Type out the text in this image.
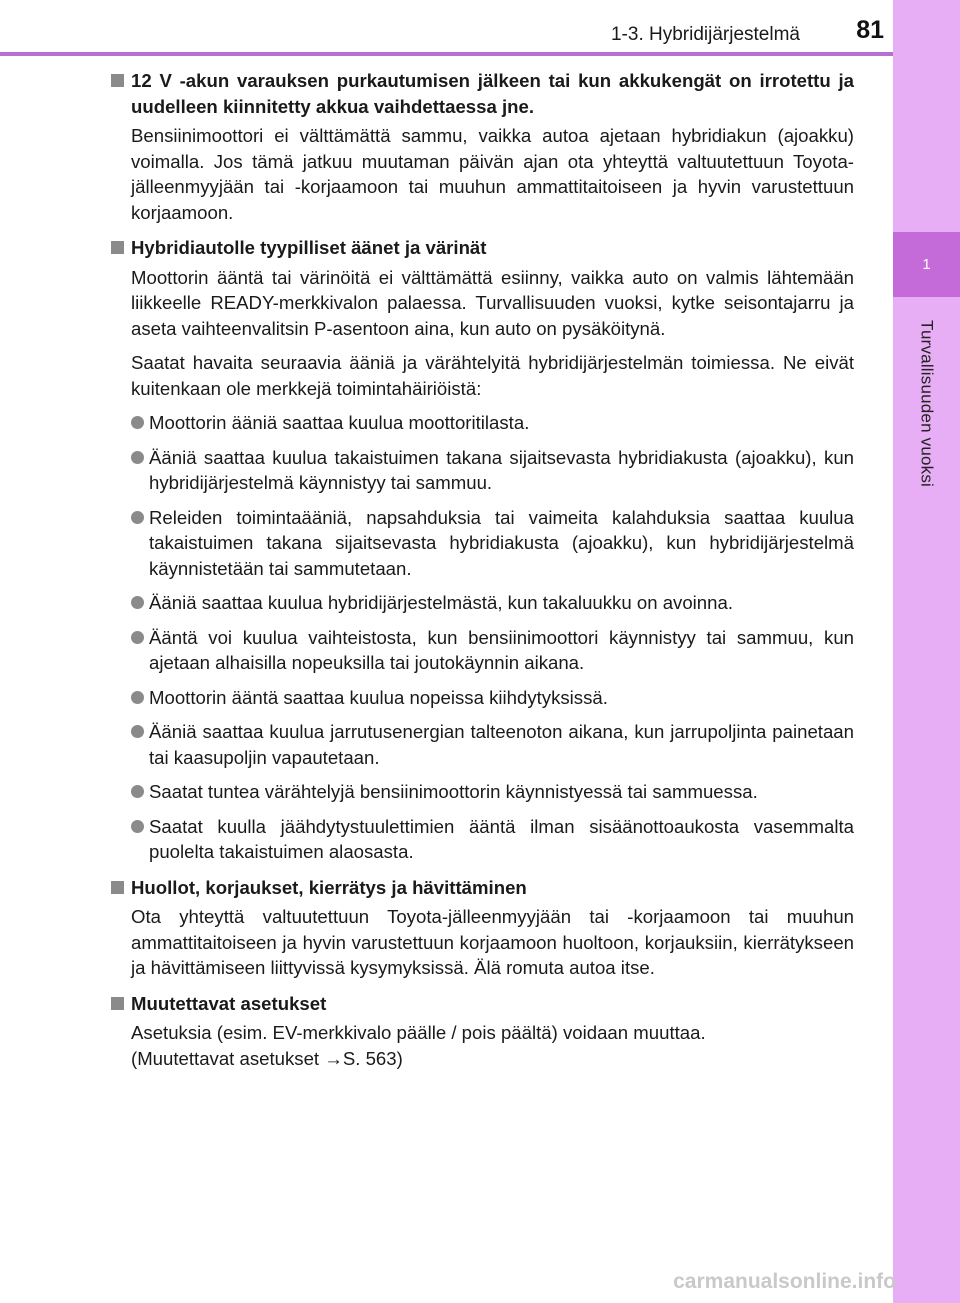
1
Turvallisuuden vuoksi
1-3. Hybridijärjestelmä	81
12 V -akun varauksen purkautumisen jälkeen tai kun akkukengät on irrotettu ja uudelleen kiinnitetty akkua vaihdettaessa jne.
Bensiinimoottori ei välttämättä sammu, vaikka autoa ajetaan hybridiakun (ajoakku) voimalla. Jos tämä jatkuu muutaman päivän ajan ota yhteyttä valtuutettuun Toyota-jälleenmyyjään tai -korjaamoon tai muuhun ammattitaitoiseen ja hyvin varustettuun korjaamoon.
Hybridiautolle tyypilliset äänet ja värinät
Moottorin ääntä tai värinöitä ei välttämättä esiinny, vaikka auto on valmis lähtemään liikkeelle READY-merkkivalon palaessa. Turvallisuuden vuoksi, kytke seisontajarru ja aseta vaihteenvalitsin P-asentoon aina, kun auto on pysäköitynä.
Saatat havaita seuraavia ääniä ja värähtelyitä hybridijärjestelmän toimiessa. Ne eivät kuitenkaan ole merkkejä toimintahäiriöistä:
Moottorin ääniä saattaa kuulua moottoritilasta.
Ääniä saattaa kuulua takaistuimen takana sijaitsevasta hybridiakusta (ajoakku), kun hybridijärjestelmä käynnistyy tai sammuu.
Releiden toimintaääniä, napsahduksia tai vaimeita kalahduksia saattaa kuulua takaistuimen takana sijaitsevasta hybridiakusta (ajoakku), kun hybridijärjestelmä käynnistetään tai sammutetaan.
Ääniä saattaa kuulua hybridijärjestelmästä, kun takaluukku on avoinna.
Ääntä voi kuulua vaihteistosta, kun bensiinimoottori käynnistyy tai sammuu, kun ajetaan alhaisilla nopeuksilla tai joutokäynnin aikana.
Moottorin ääntä saattaa kuulua nopeissa kiihdytyksissä.
Ääniä saattaa kuulua jarrutusenergian talteenoton aikana, kun jarrupoljinta painetaan tai kaasupoljin vapautetaan.
Saatat tuntea värähtelyjä bensiinimoottorin käynnistyessä tai sammuessa.
Saatat kuulla jäähdytystuulettimien ääntä ilman sisäänottoaukosta vasemmalta puolelta takaistuimen alaosasta.
Huollot, korjaukset, kierrätys ja hävittäminen
Ota yhteyttä valtuutettuun Toyota-jälleenmyyjään tai -korjaamoon tai muuhun ammattitaitoiseen ja hyvin varustettuun korjaamoon huoltoon, korjauksiin, kierrätykseen ja hävittämiseen liittyvissä kysymyksissä. Älä romuta autoa itse.
Muutettavat asetukset
Asetuksia (esim. EV-merkkivalo päälle / pois päältä) voidaan muuttaa.
(Muutettavat asetukset →S. 563)
carmanualsonline.info
